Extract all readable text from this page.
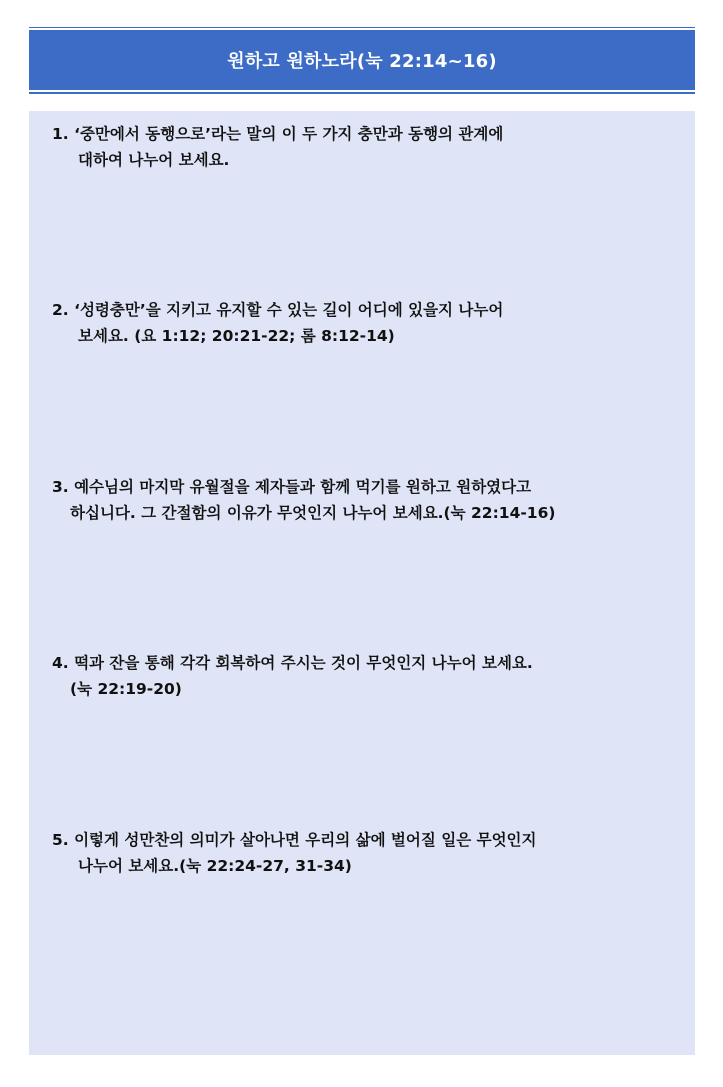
원하고 원하노라(눅 22:14~16)
1. ‘중만에서 동행으로’라는 말의 이 두 가지 충만과 동행의 관계에
대하여 나누어 보세요.
2. ‘성령충만’을 지키고 유지할 수 있는 길이 어디에 있을지 나누어
보세요. (요 1:12; 20:21-22; 롬 8:12-14)
3. 예수님의 마지막 유월절을 제자들과 함께 먹기를 원하고 원하였다고
하십니다. 그 간절함의 이유가 무엇인지 나누어 보세요.(눅 22:14-16)
4. 떡과 잔을 통해 각각 회복하여 주시는 것이 무엇인지 나누어 보세요.
(눅 22:19-20)
5. 이렇게 성만찬의 의미가 살아나면 우리의 삶에 벌어질 일은 무엇인지
나누어 보세요.(눅 22:24-27, 31-34)
